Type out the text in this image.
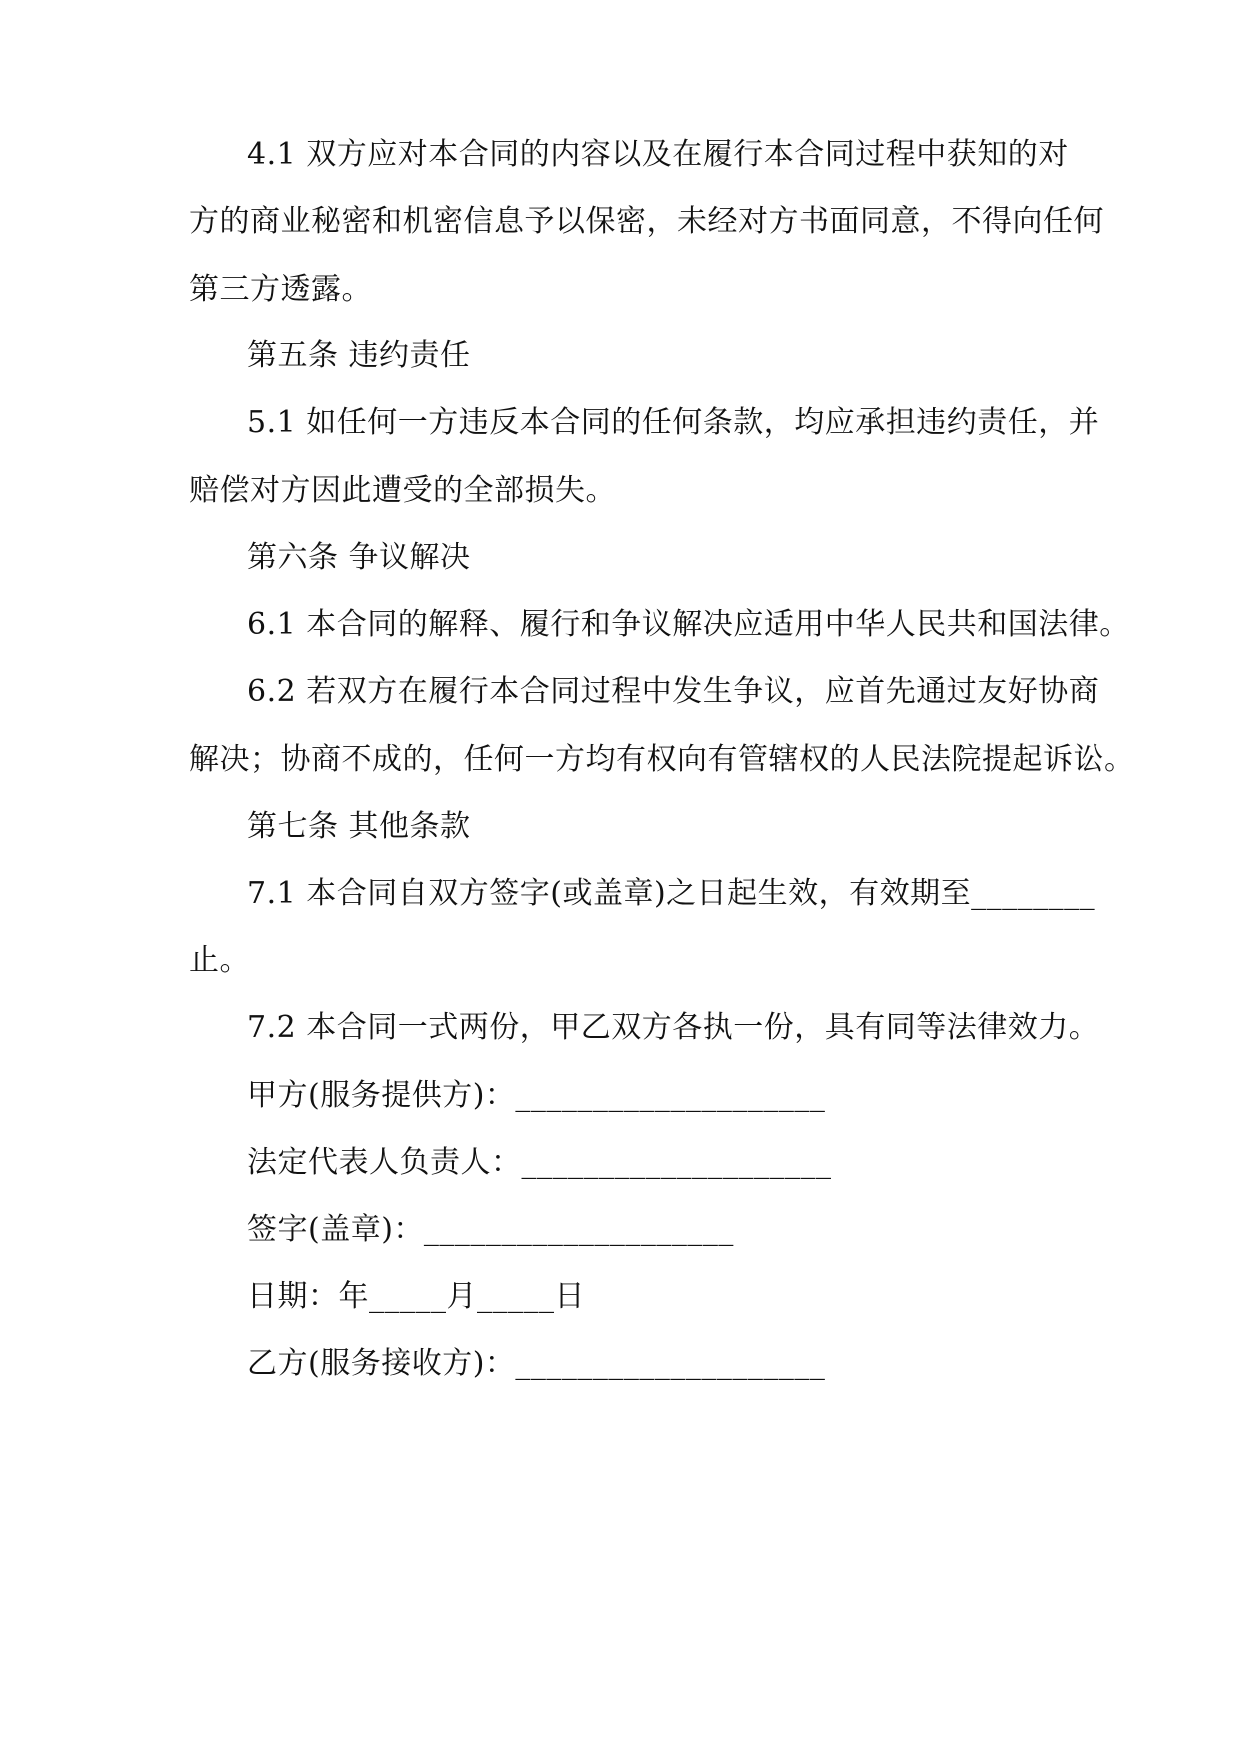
4.1 双方应对本合同的内容以及在履行本合同过程中获知的对
方的商业秘密和机密信息予以保密，未经对方书面同意，不得向任何
第三方透露。
第五条 违约责任
5.1 如任何一方违反本合同的任何条款，均应承担违约责任，并
赔偿对方因此遭受的全部损失。
第六条 争议解决
6.1 本合同的解释、履行和争议解决应适用中华人民共和国法律。
6.2 若双方在履行本合同过程中发生争议，应首先通过友好协商
解决；协商不成的，任何一方均有权向有管辖权的人民法院提起诉讼。
第七条 其他条款
7.1 本合同自双方签字(或盖章)之日起生效，有效期至________
止。
7.2 本合同一式两份，甲乙双方各执一份，具有同等法律效力。
甲方(服务提供方)：____________________
法定代表人负责人：____________________
签字(盖章)：____________________
日期：年_____月_____日
乙方(服务接收方)：____________________
